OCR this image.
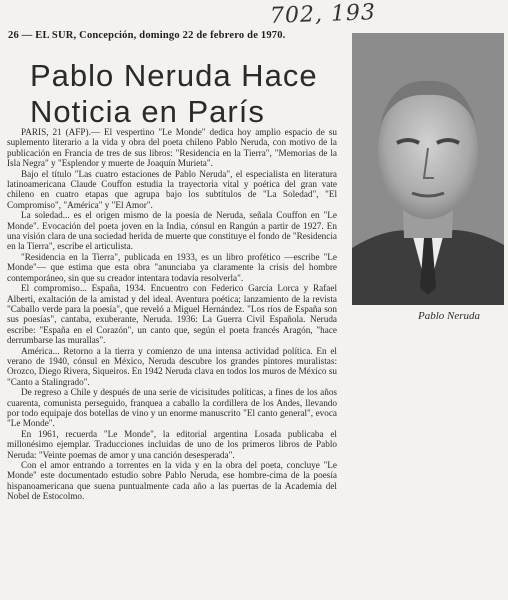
702, 193
26 — EL SUR, Concepción, domingo 22 de febrero de 1970.
Pablo Neruda Hace
Noticia en París

PARIS, 21 (AFP).— El vespertino "Le Monde" dedica hoy amplio espacio de su suplemento literario a la vida y obra del poeta chileno Pablo Neruda, con motivo de la publicación en Francia de tres de sus libros: "Residencia en la Tierra", "Memorias de la Isla Negra" y "Esplendor y muerte de Joaquín Murieta".

Bajo el título "Las cuatro estaciones de Pablo Neruda", el especialista en literatura latinoamericana Claude Couffon estudia la trayectoria vital y poética del gran vate chileno en cuatro etapas que agrupa bajo los subtítulos de "La Soledad", "El Compromiso", "América" y "El Amor".

La soledad... es el origen mismo de la poesía de Neruda, señala Couffon en "Le Monde". Evocación del poeta joven en la India, cónsul en Rangún a partir de 1927. En una visión clara de una sociedad herida de muerte que constituye el fondo de "Residencia en la Tierra", escribe el articulista.

"Residencia en la Tierra", publicada en 1933, es un libro profético —escribe "Le Monde"— que estima que esta obra "anunciaba ya claramente la crisis del hombre contemporáneo, sin que su creador intentara todavía resolverla".

El compromiso... España, 1934. Encuentro con Federico García Lorca y Rafael Alberti, exaltación de la amistad y del ideal. Aventura poética; lanzamiento de la revista "Caballo verde para la poesía", que reveló a Miguel Hernández. "Los ríos de España son sus poesías", cantaba, exuberante, Neruda. 1936: La Guerra Civil Española. Neruda escribe: "España en el Corazón", un canto que, según el poeta francés Aragón, "hace derrumbarse las murallas".

América... Retorno a la tierra y comienzo de una intensa actividad política. En el verano de 1940, cónsul en México, Neruda descubre los grandes pintores muralistas: Orozco, Diego Rivera, Siqueiros. En 1942 Neruda clava en todos los muros de México su "Canto a Stalingrado".

De regreso a Chile y después de una serie de vicisitudes políticas, a fines de los años cuarenta, comunista perseguido, franquea a caballo la cordillera de los Andes, llevando por todo equipaje dos botellas de vino y un enorme manuscrito "El canto general", evoca "Le Monde".

En 1961, recuerda "Le Monde", la editorial argentina Losada publicaba el millonésimo ejemplar. Traducciones incluidas de uno de los primeros libros de Pablo Neruda: "Veinte poemas de amor y una canción desesperada".

Con el amor entrando a torrentes en la vida y en la obra del poeta, concluye "Le Monde" este documentado estudio sobre Pablo Neruda, ese hombre-cima de la poesía hispanoamericana que suena puntualmente cada año a las puertas de la Academia del Nobel de Estocolmo.

Pablo Neruda
